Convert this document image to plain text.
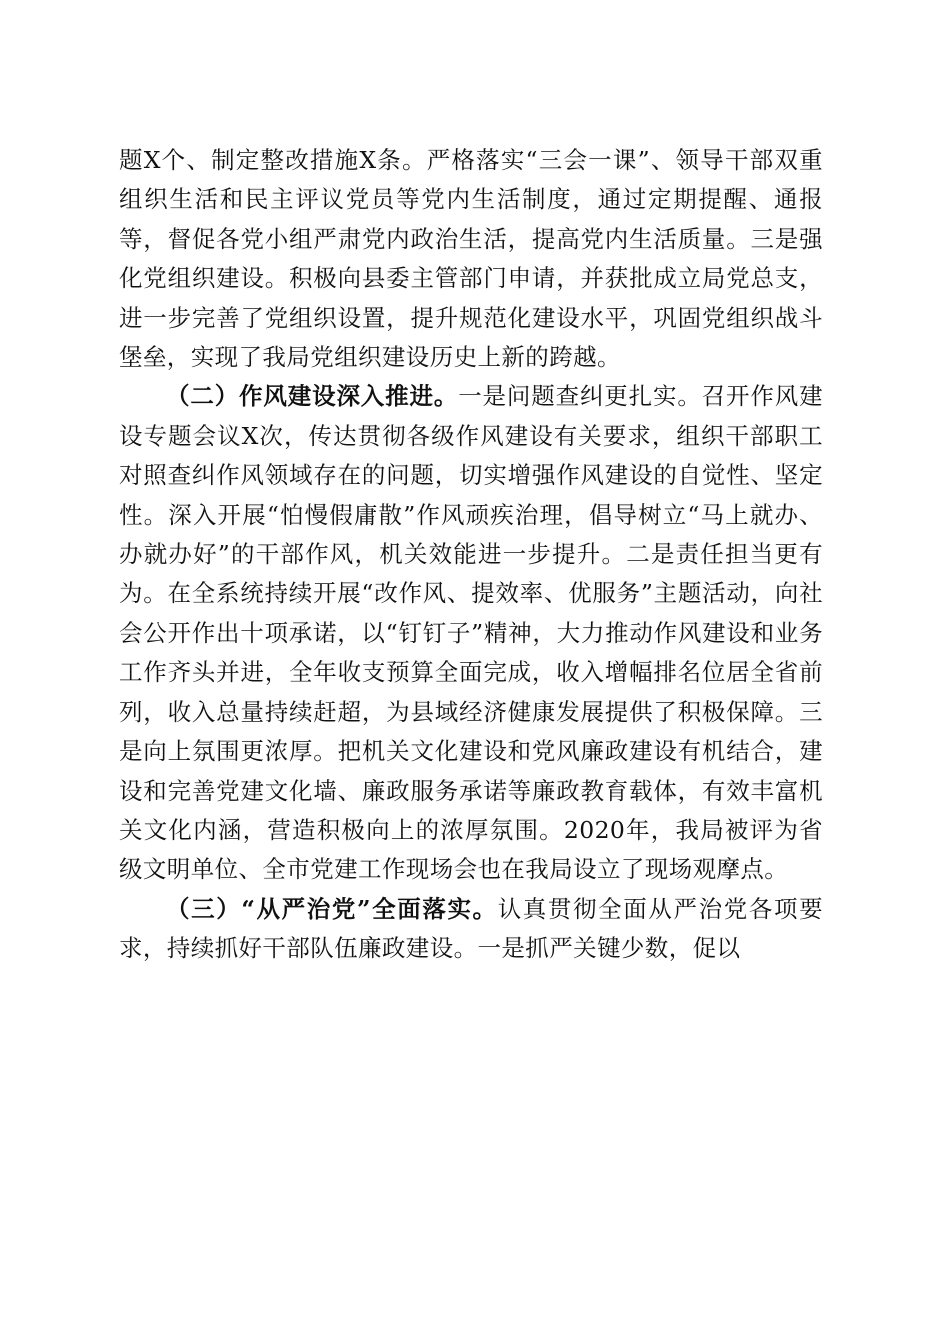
题X个、制定整改措施X条。严格落实“三会一课”、领导干部双重组织生活和民主评议党员等党内生活制度，通过定期提醒、通报等，督促各党小组严肃党内政治生活，提高党内生活质量。三是强化党组织建设。积极向县委主管部门申请，并获批成立局党总支，进一步完善了党组织设置，提升规范化建设水平，巩固党组织战斗堡垒，实现了我局党组织建设历史上新的跨越。

（二）作风建设深入推进。一是问题查纠更扎实。召开作风建设专题会议X次，传达贯彻各级作风建设有关要求，组织干部职工对照查纠作风领域存在的问题，切实增强作风建设的自觉性、坚定性。深入开展“怕慢假庸散”作风顽疾治理，倡导树立“马上就办、办就办好”的干部作风，机关效能进一步提升。二是责任担当更有为。在全系统持续开展“改作风、提效率、优服务”主题活动，向社会公开作出十项承诺，以“钉钉子”精神，大力推动作风建设和业务工作齐头并进，全年收支预算全面完成，收入增幅排名位居全省前列，收入总量持续赶超，为县域经济健康发展提供了积极保障。三是向上氛围更浓厚。把机关文化建设和党风廉政建设有机结合，建设和完善党建文化墙、廉政服务承诺等廉政教育载体，有效丰富机关文化内涵，营造积极向上的浓厚氛围。2020年，我局被评为省级文明单位、全市党建工作现场会也在我局设立了现场观摩点。

（三）“从严治党”全面落实。认真贯彻全面从严治党各项要求，持续抓好干部队伍廉政建设。一是抓严关键少数，促以
